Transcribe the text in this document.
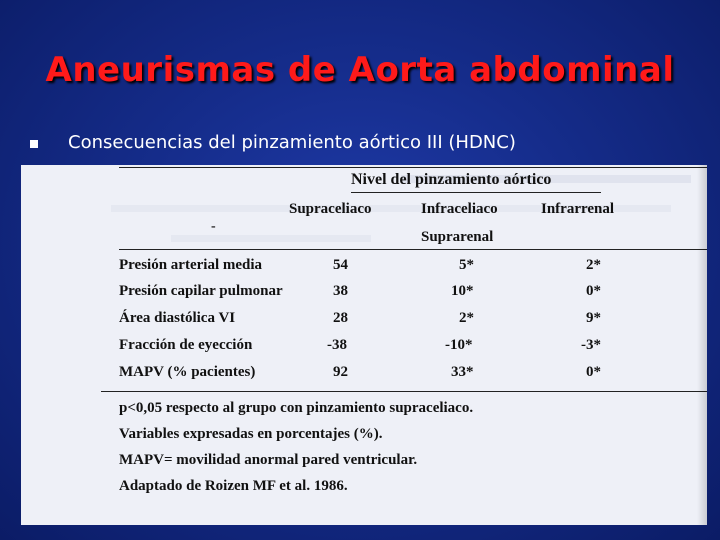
Aneurismas de Aorta abdominal
Consecuencias del pinzamiento aórtico III (HDNC)
Nivel del pinzamiento aórtico
Supraceliaco	Infraceliaco	Infrarrenal
-
Suprarenal
Presión arterial media	54	5*	2*
Presión capilar pulmonar	38	10*	0*
Área diastólica VI	28	2*	9*
Fracción de eyección	-38	-10*	-3*
MAPV (% pacientes)	92	33*	0*
p<0,05 respecto al grupo con pinzamiento supraceliaco.
Variables expresadas en porcentajes (%).
MAPV= movilidad anormal pared ventricular.
Adaptado de Roizen MF et al. 1986.
